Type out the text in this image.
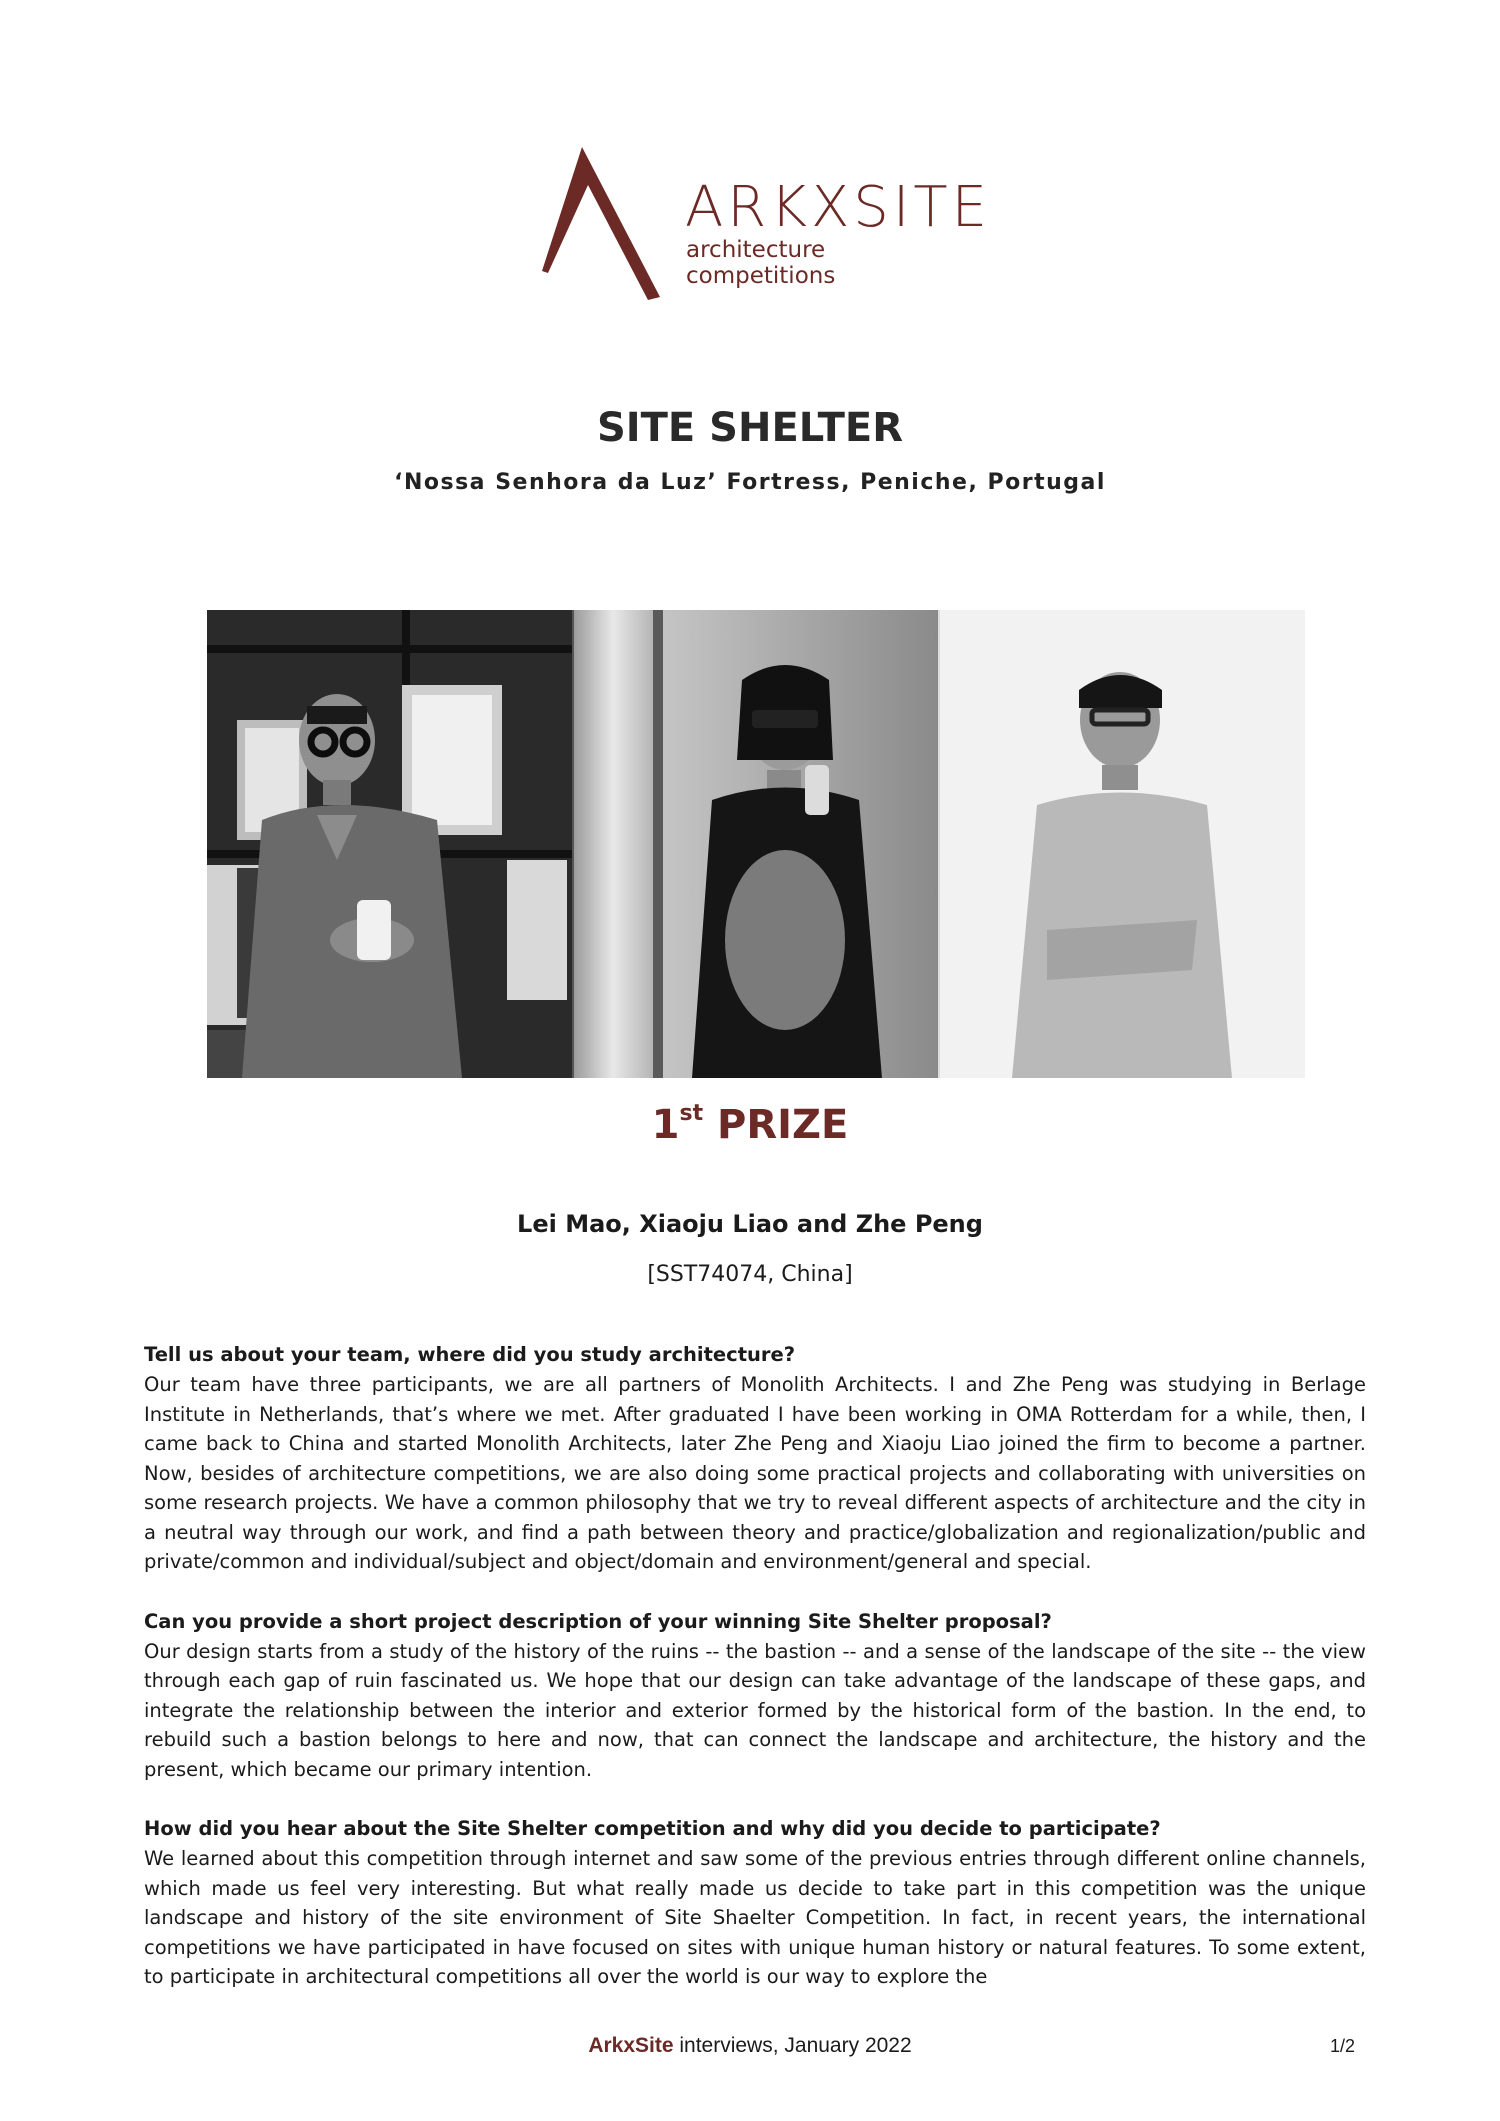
ARKXSITE
architecture competitions
SITE SHELTER
‘Nossa Senhora da Luz’ Fortress, Peniche, Portugal
1st PRIZE
Lei Mao, Xiaoju Liao and Zhe Peng
[SST74074, China]

Tell us about your team, where did you study architecture?

Our team have three participants, we are all partners of Monolith Architects. I and Zhe Peng was studying in Berlage Institute in Netherlands, that’s where we met. After graduated I have been working in OMA Rotterdam for a while, then, I came back to China and started Monolith Architects, later Zhe Peng and Xiaoju Liao joined the firm to become a partner. Now, besides of architecture competitions, we are also doing some practical projects and collaborating with universities on some research projects. We have a common philosophy that we try to reveal different aspects of architecture and the city in a neutral way through our work, and find a path between theory and practice/globalization and regionalization/public and private/common and individual/subject and object/domain and environment/general and special.

Can you provide a short project description of your winning Site Shelter proposal?

Our design starts from a study of the history of the ruins -- the bastion -- and a sense of the landscape of the site -- the view through each gap of ruin fascinated us. We hope that our design can take advantage of the landscape of these gaps, and integrate the relationship between the interior and exterior formed by the historical form of the bastion. In the end, to rebuild such a bastion belongs to here and now, that can connect the landscape and architecture, the history and the present, which became our primary intention.

How did you hear about the Site Shelter competition and why did you decide to participate?

We learned about this competition through internet and saw some of the previous entries through different online channels, which made us feel very interesting. But what really made us decide to take part in this competition was the unique landscape and history of the site environment of Site Shaelter Competition. In fact, in recent years, the international competitions we have participated in have focused on sites with unique human history or natural features. To some extent, to participate in architectural competitions all over the world is our way to explore the

ArkxSite interviews, January 2022	1/2
